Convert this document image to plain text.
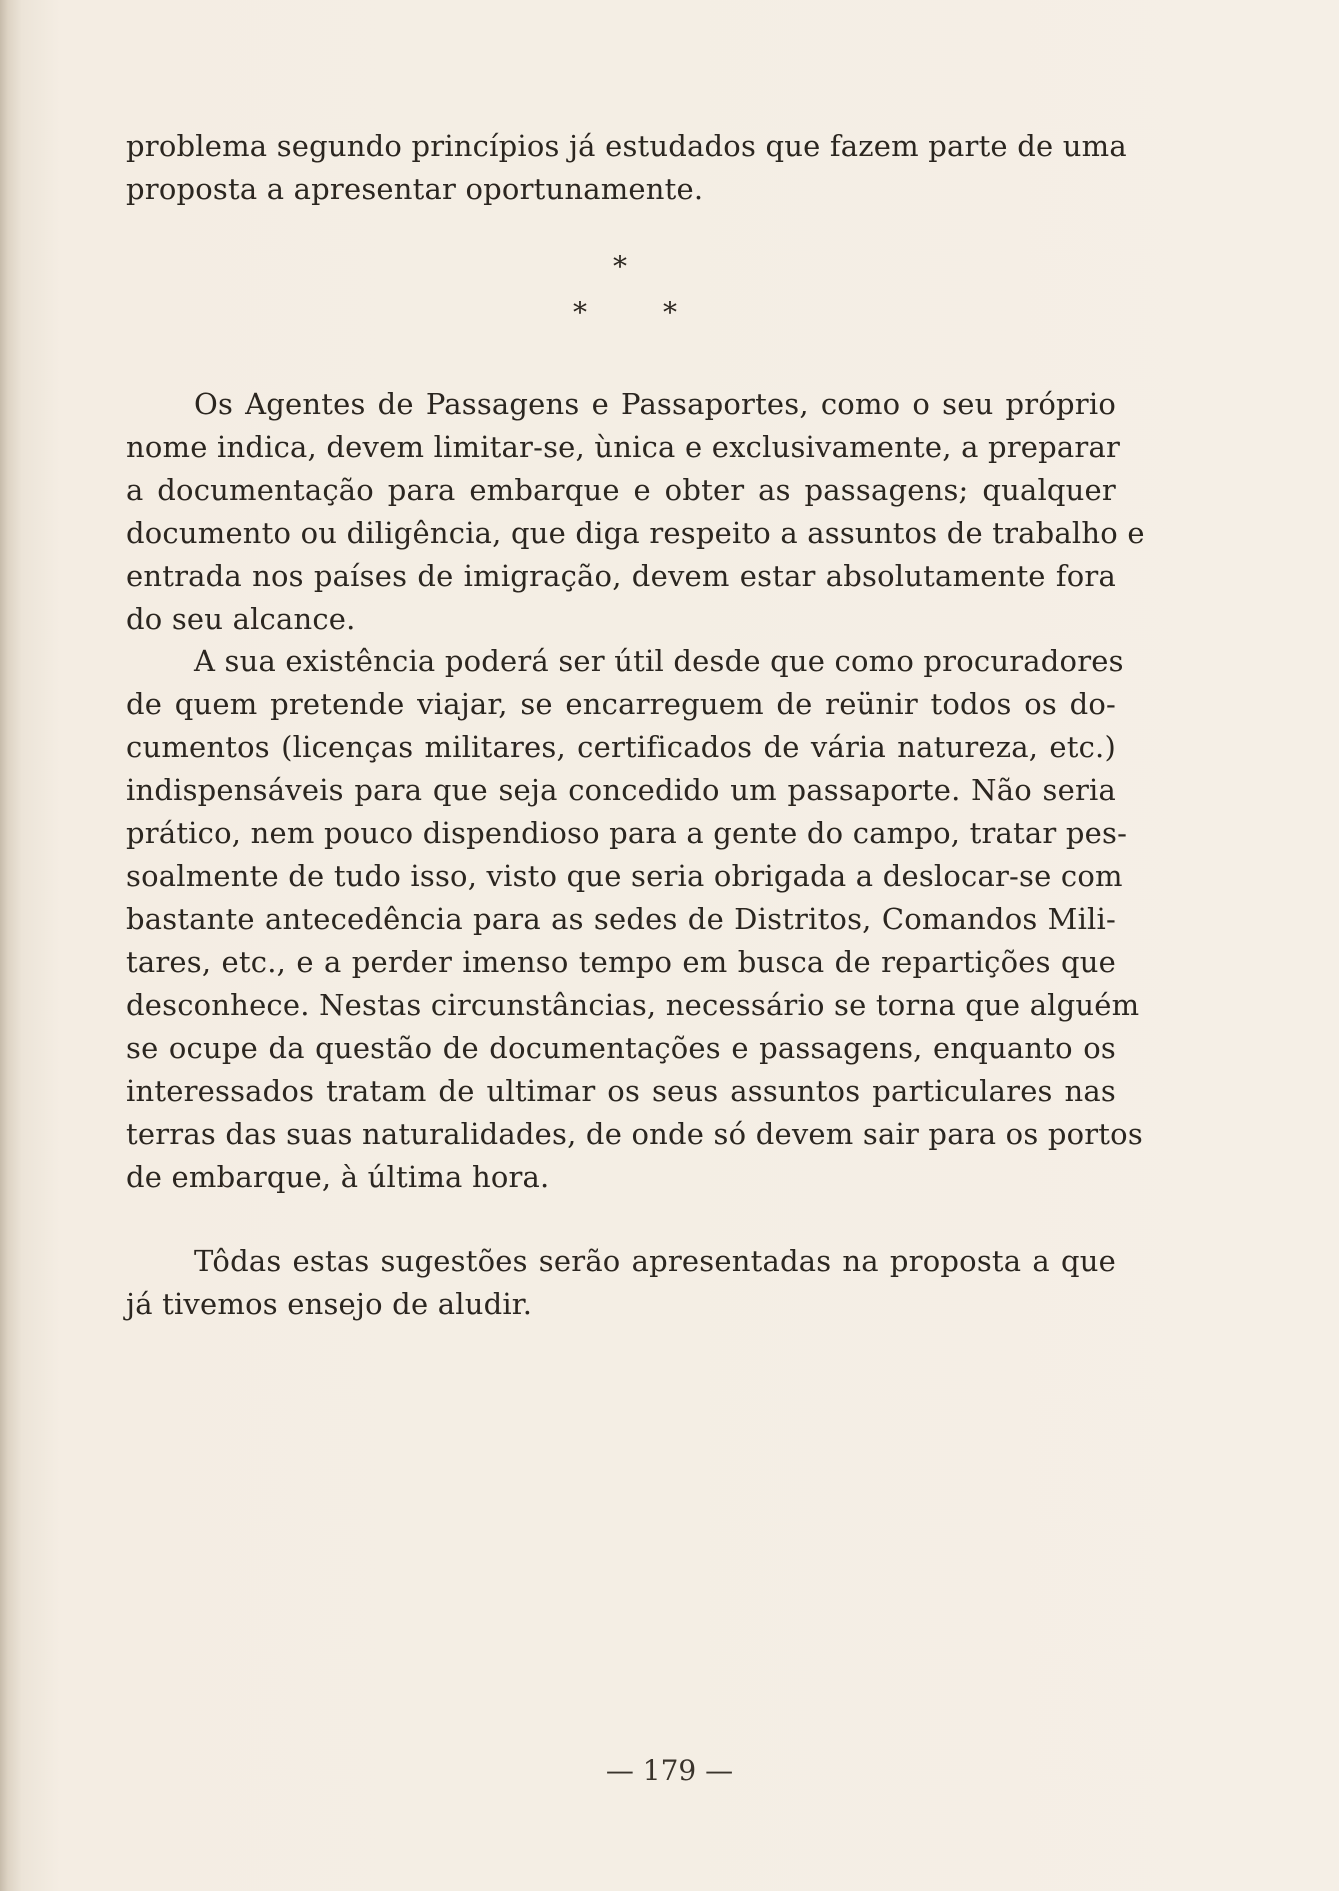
problema segundo princípios já estudados que fazem parte de uma
proposta a apresentar oportunamente.
*
*	*
Os Agentes de Passagens e Passaportes, como o seu próprio
nome indica, devem limitar-se, ùnica e exclusivamente, a preparar
a documentação para embarque e obter as passagens; qualquer
documento ou diligência, que diga respeito a assuntos de trabalho e
entrada nos países de imigração, devem estar absolutamente fora
do seu alcance.
A sua existência poderá ser útil desde que como procuradores
de quem pretende viajar, se encarreguem de reünir todos os do-
cumentos (licenças militares, certificados de vária natureza, etc.)
indispensáveis para que seja concedido um passaporte. Não seria
prático, nem pouco dispendioso para a gente do campo, tratar pes-
soalmente de tudo isso, visto que seria obrigada a deslocar-se com
bastante antecedência para as sedes de Distritos, Comandos Mili-
tares, etc., e a perder imenso tempo em busca de repartições que
desconhece. Nestas circunstâncias, necessário se torna que alguém
se ocupe da questão de documentações e passagens, enquanto os
interessados tratam de ultimar os seus assuntos particulares nas
terras das suas naturalidades, de onde só devem sair para os portos
de embarque, à última hora.
Tôdas estas sugestões serão apresentadas na proposta a que
já tivemos ensejo de aludir.
— 179 —
